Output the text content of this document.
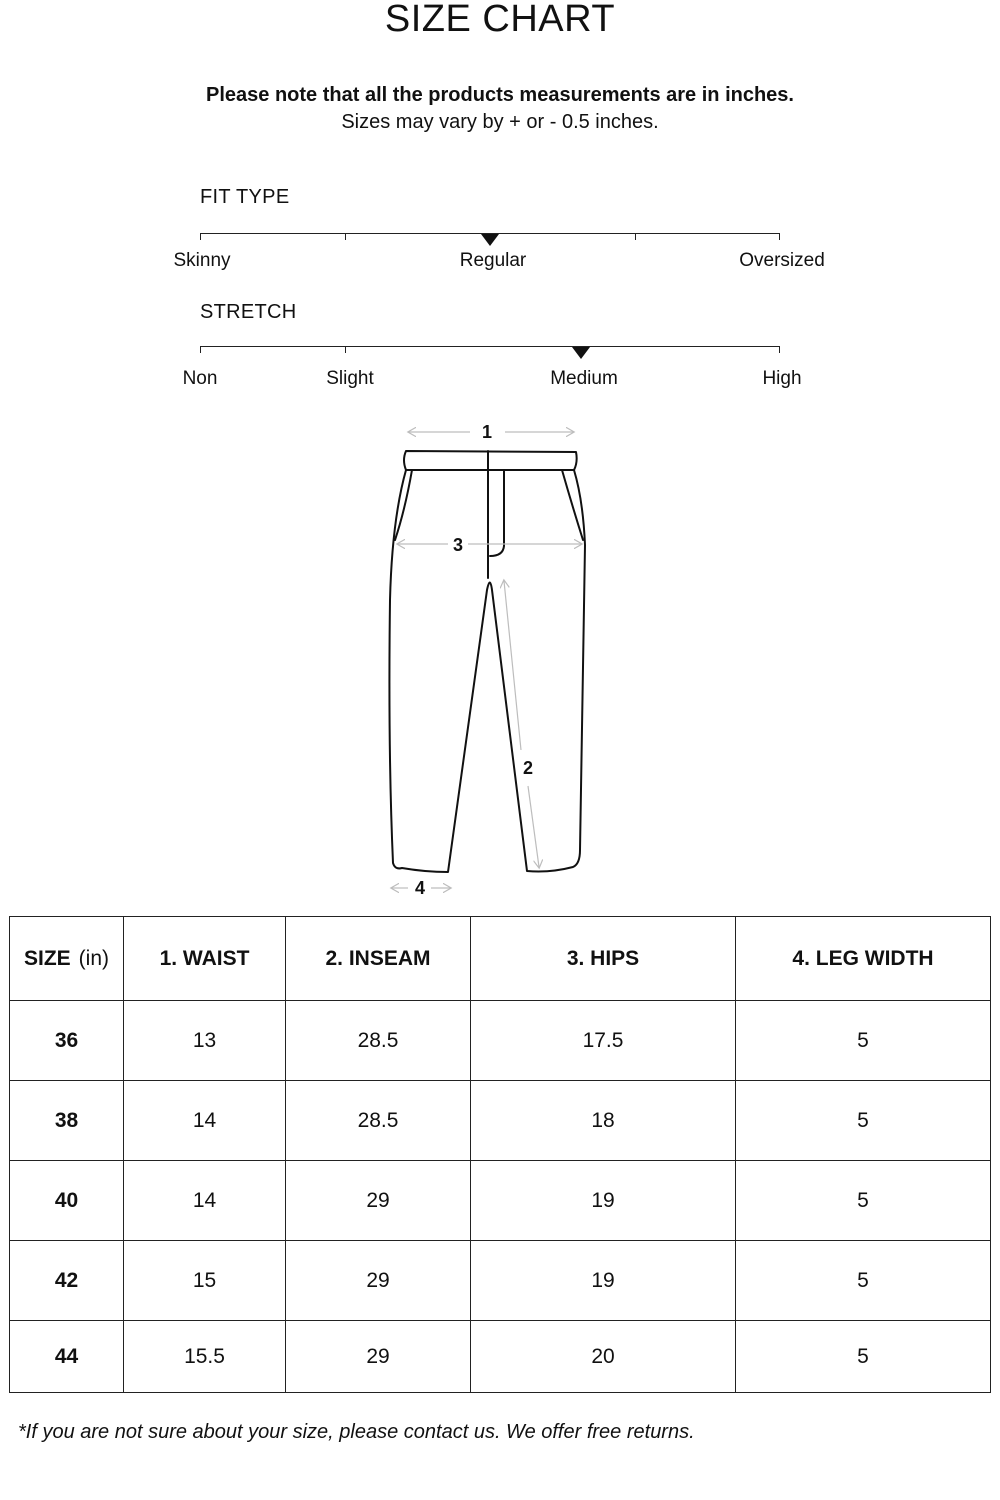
SIZE CHART
Please note that all the products measurements are in inches.
Sizes may vary by + or - 0.5 inches.
FIT TYPE
Skinny	Regular	Oversized
STRETCH
Non	Slight	Medium	High
1
2
3
4
SIZE (in)	1. WAIST	2. INSEAM	3. HIPS	4. LEG WIDTH
36	13	28.5	17.5	5
38	14	28.5	18	5
40	14	29	19	5
42	15	29	19	5
44	15.5	29	20	5
*If you are not sure about your size, please contact us. We offer free returns.
